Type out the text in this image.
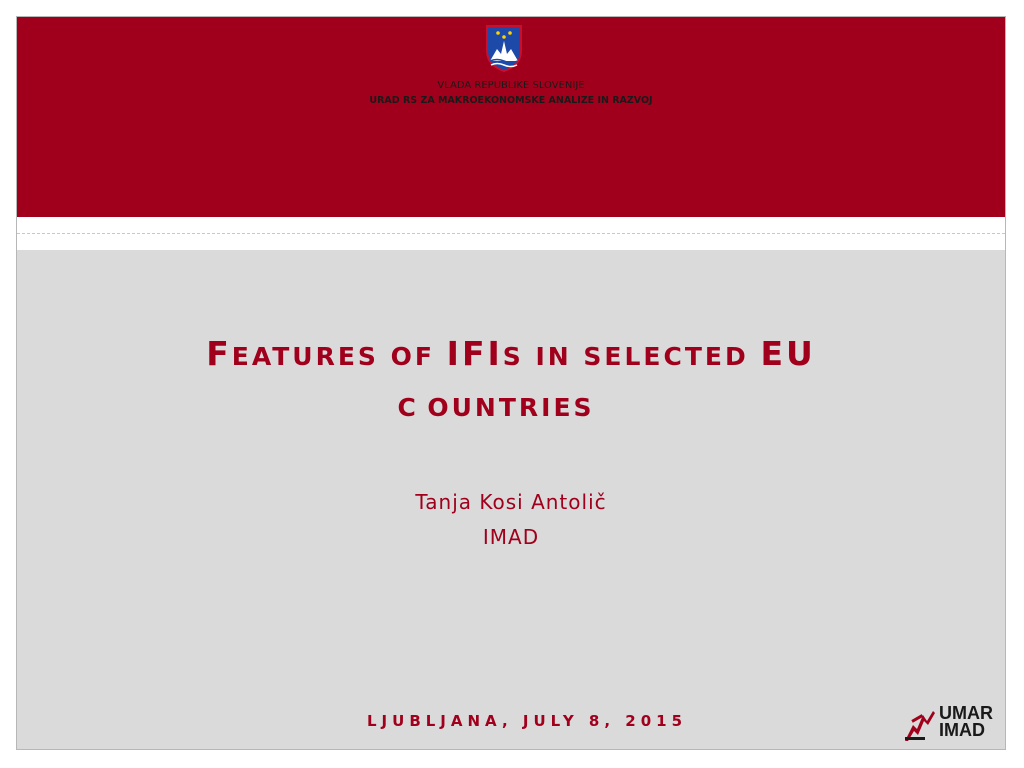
VLADA REPUBLIKE SLOVENIJE
URAD RS ZA MAKROEKONOMSKE ANALIZE IN RAZVOJ
FEATURES OF IFIS IN SELECTED EU
C OUNTRIES
Tanja Kosi Antolič
IMAD
LJUBLJANA, JULY 8, 2015	UMAR
IMAD
